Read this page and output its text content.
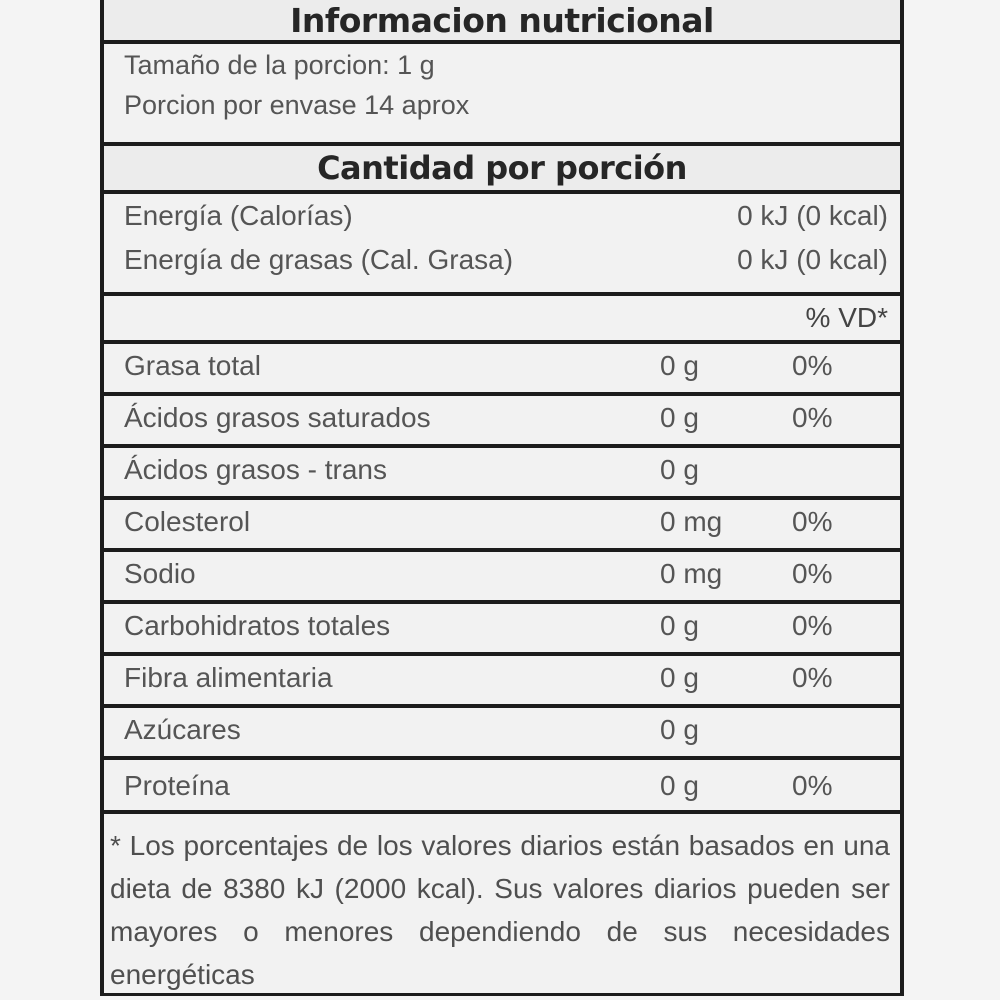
Informacion nutricional
Tamaño de la porcion: 1 g
Porcion por envase 14 aprox
Cantidad por porción
Energía (Calorías)	0 kJ (0 kcal)
Energía de grasas (Cal. Grasa)	0 kJ (0 kcal)
% VD*
Grasa total	0 g	0%
Ácidos grasos saturados	0 g	0%
Ácidos grasos - trans	0 g
Colesterol	0 mg 0%
Sodio	0 mg 0%
Carbohidratos totales	0 g	0%
Fibra alimentaria	0 g	0%
Azúcares	0 g
Proteína	0 g	0%
* Los porcentajes de los valores diarios están basados en una dieta de 8380 kJ (2000 kcal). Sus valores diarios pueden ser mayores o menores dependiendo de sus necesidades energéticas
